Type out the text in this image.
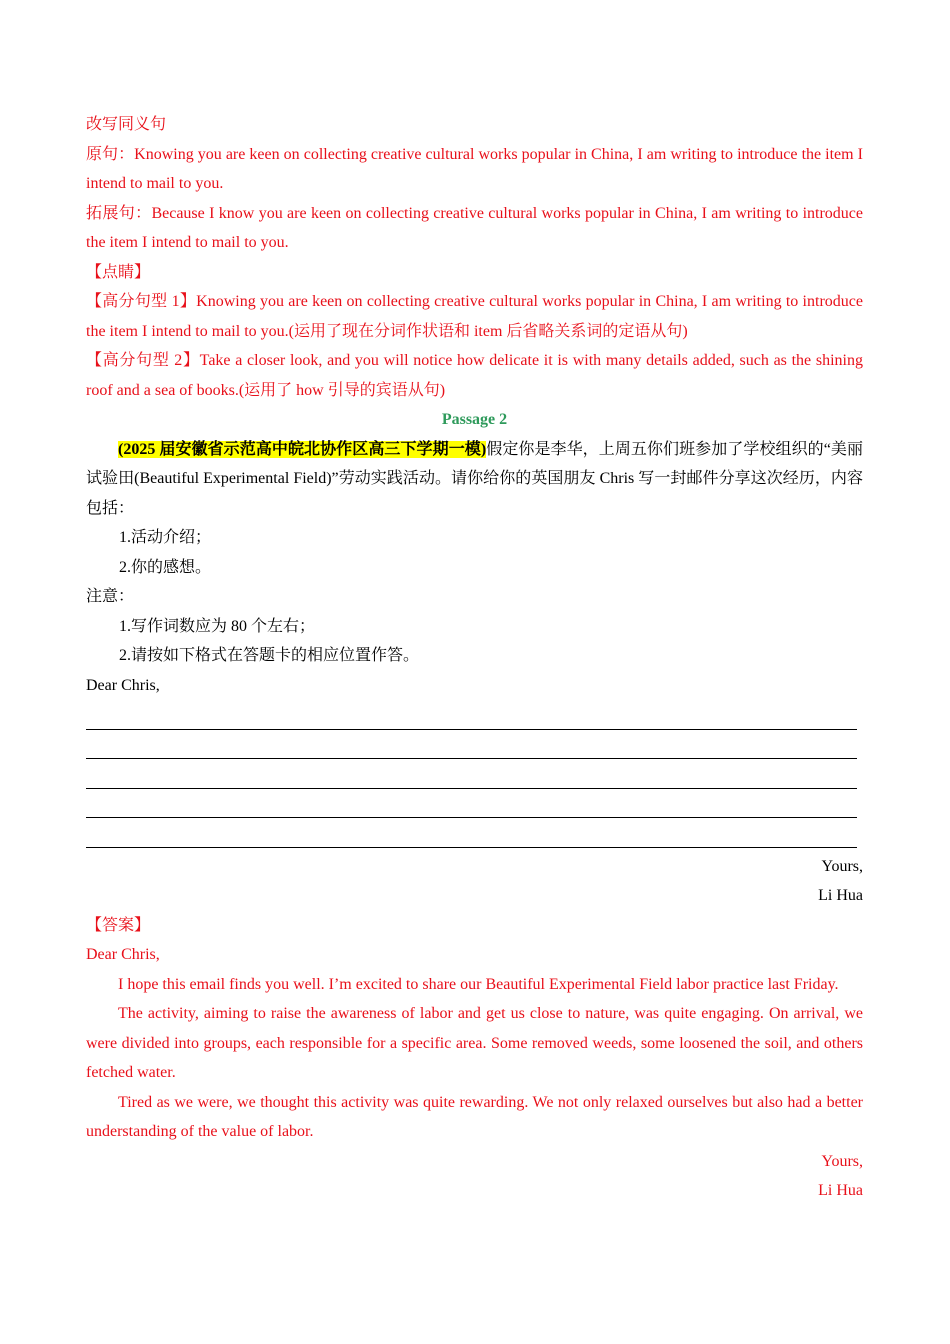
改写同义句

原句：Knowing you are keen on collecting creative cultural works popular in China, I am writing to introduce the item I intend to mail to you.

拓展句：Because I know you are keen on collecting creative cultural works popular in China, I am writing to introduce the item I intend to mail to you.

【点睛】

【高分句型 1】Knowing you are keen on collecting creative cultural works popular in China, I am writing to introduce the item I intend to mail to you.(运用了现在分词作状语和 item 后省略关系词的定语从句)

【高分句型 2】Take a closer look, and you will notice how delicate it is with many details added, such as the shining roof and a sea of books.(运用了 how 引导的宾语从句)

Passage 2

(2025 届安徽省示范高中皖北协作区高三下学期一模)假定你是李华，上周五你们班参加了学校组织的“美丽试验田(Beautiful Experimental Field)”劳动实践活动。请你给你的英国朋友 Chris 写一封邮件分享这次经历，内容包括：

1.活动介绍；

2.你的感想。

注意：

1.写作词数应为 80 个左右；

2.请按如下格式在答题卡的相应位置作答。

Dear Chris,

Yours,

Li Hua

【答案】

Dear Chris,

I hope this email finds you well. I’m excited to share our Beautiful Experimental Field labor practice last Friday.

The activity, aiming to raise the awareness of labor and get us close to nature, was quite engaging. On arrival, we were divided into groups, each responsible for a specific area. Some removed weeds, some loosened the soil, and others fetched water.

Tired as we were, we thought this activity was quite rewarding. We not only relaxed ourselves but also had a better understanding of the value of labor.

Yours,

Li Hua
